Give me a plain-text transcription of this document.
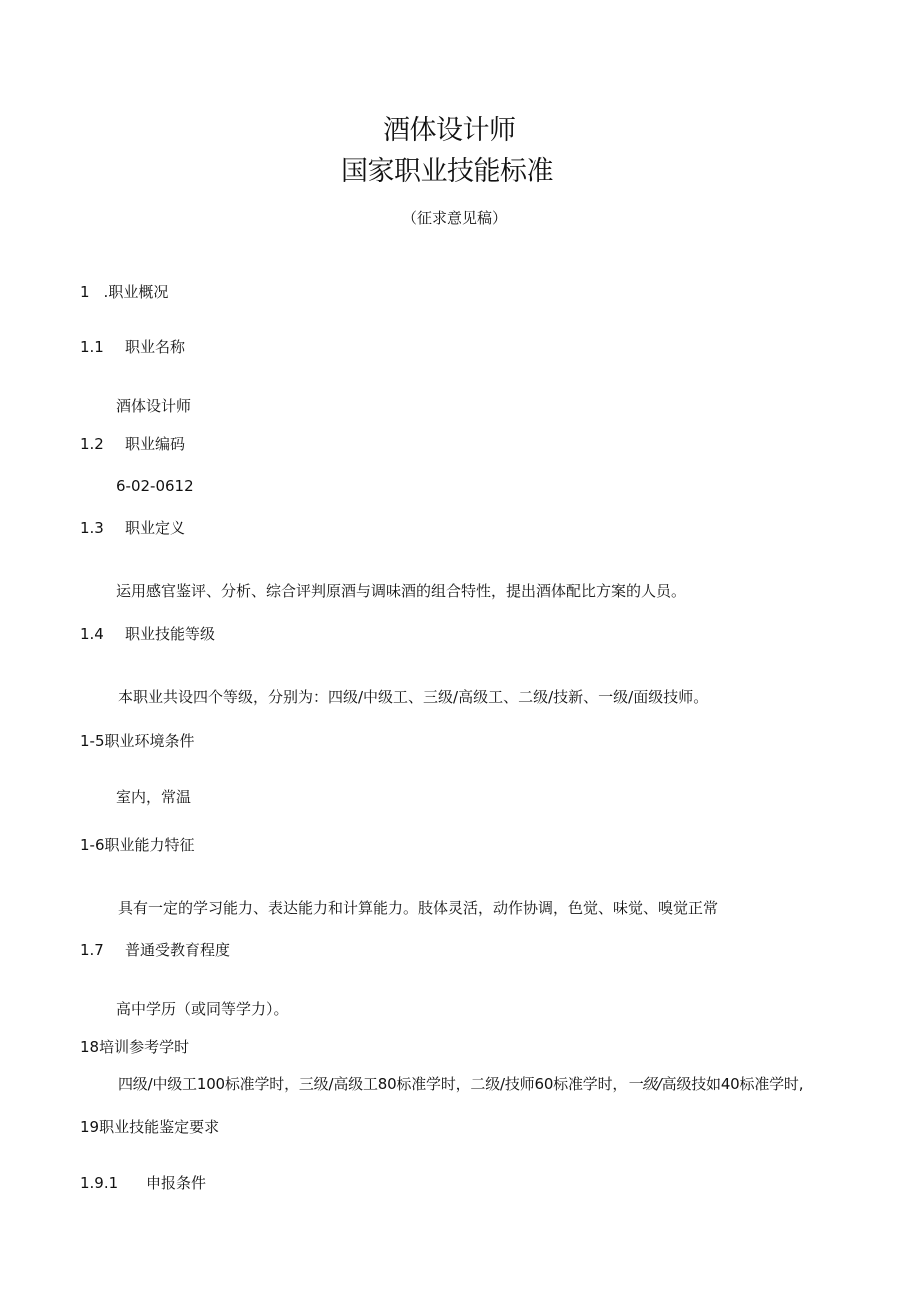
酒体设计师
国家职业技能标准
（征求意见稿）
1 .职业概况
1.1 职业名称
酒体设计师
1.2 职业编码
6-02-0612
1.3 职业定义
运用感官鉴评、分析、综合评判原酒与调味酒的组合特性，提出酒体配比方案的人员。
1.4 职业技能等级
本职业共设四个等级，分别为：四级/中级工、三级/高级工、二级/技新、一级/面级技师。
1-5职业环境条件
室内，常温
1-6职业能力特征
具有一定的学习能力、表达能力和计算能力。肢体灵活，动作协调，色觉、味觉、嗅觉正常
1.7 普通受教育程度
高中学历（或同等学力）。
18培训参考学时
四级/中级工100标准学时，三级/高级工80标准学时，二级/技师60标准学时，一级/高级技如40标准学时,
19职业技能鉴定要求
1.9.1 申报条件
